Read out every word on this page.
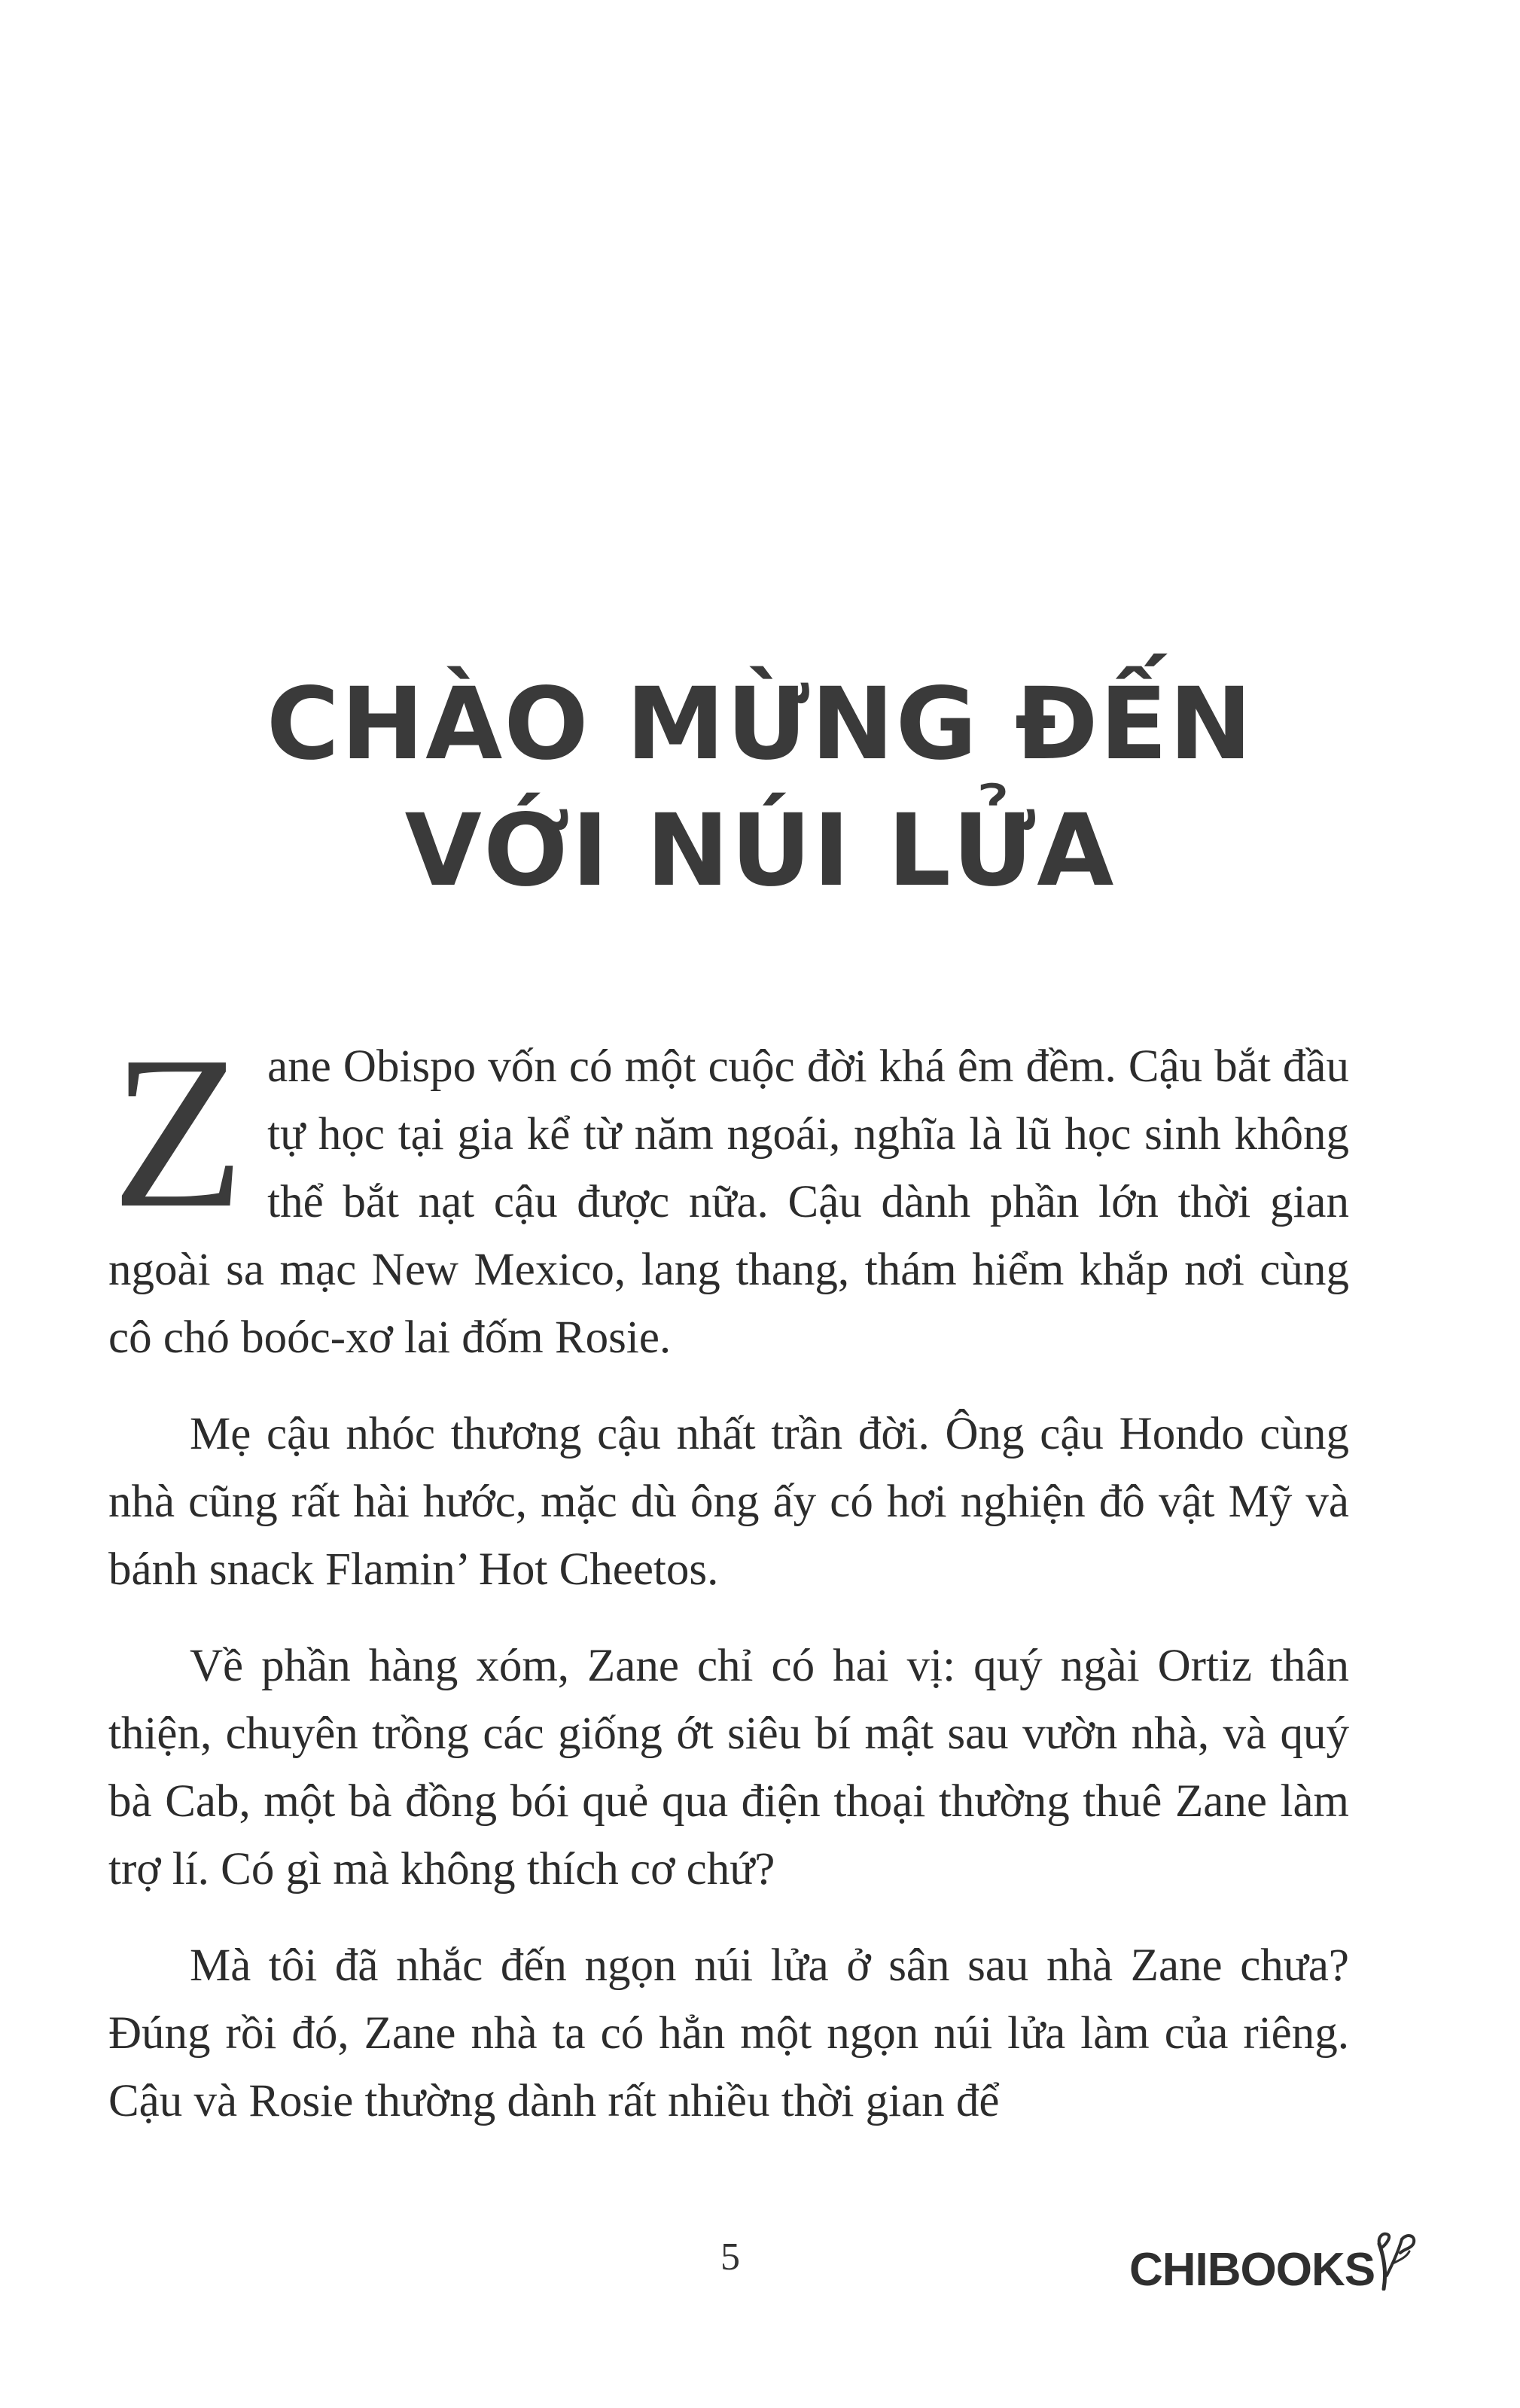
CHÀO MỪNG ĐẾN
VỚI NÚI LỬA

Z ane Obispo vốn có một cuộc đời khá êm đềm. Cậu bắt đầu tự học tại gia kể từ năm ngoái, nghĩa là lũ học sinh không thể bắt nạt cậu được nữa. Cậu dành phần lớn thời gian ngoài sa mạc New Mexico, lang thang, thám hiểm khắp nơi cùng cô chó boóc-xơ lai đốm Rosie.

Mẹ cậu nhóc thương cậu nhất trần đời. Ông cậu Hondo cùng nhà cũng rất hài hước, mặc dù ông ấy có hơi nghiện đô vật Mỹ và bánh snack Flamin’ Hot Cheetos.

Về phần hàng xóm, Zane chỉ có hai vị: quý ngài Ortiz thân thiện, chuyên trồng các giống ớt siêu bí mật sau vườn nhà, và quý bà Cab, một bà đồng bói quẻ qua điện thoại thường thuê Zane làm trợ lí. Có gì mà không thích cơ chứ?

Mà tôi đã nhắc đến ngọn núi lửa ở sân sau nhà Zane chưa? Đúng rồi đó, Zane nhà ta có hẳn một ngọn núi lửa làm của riêng. Cậu và Rosie thường dành rất nhiều thời gian để

5	CHIBOOKS
